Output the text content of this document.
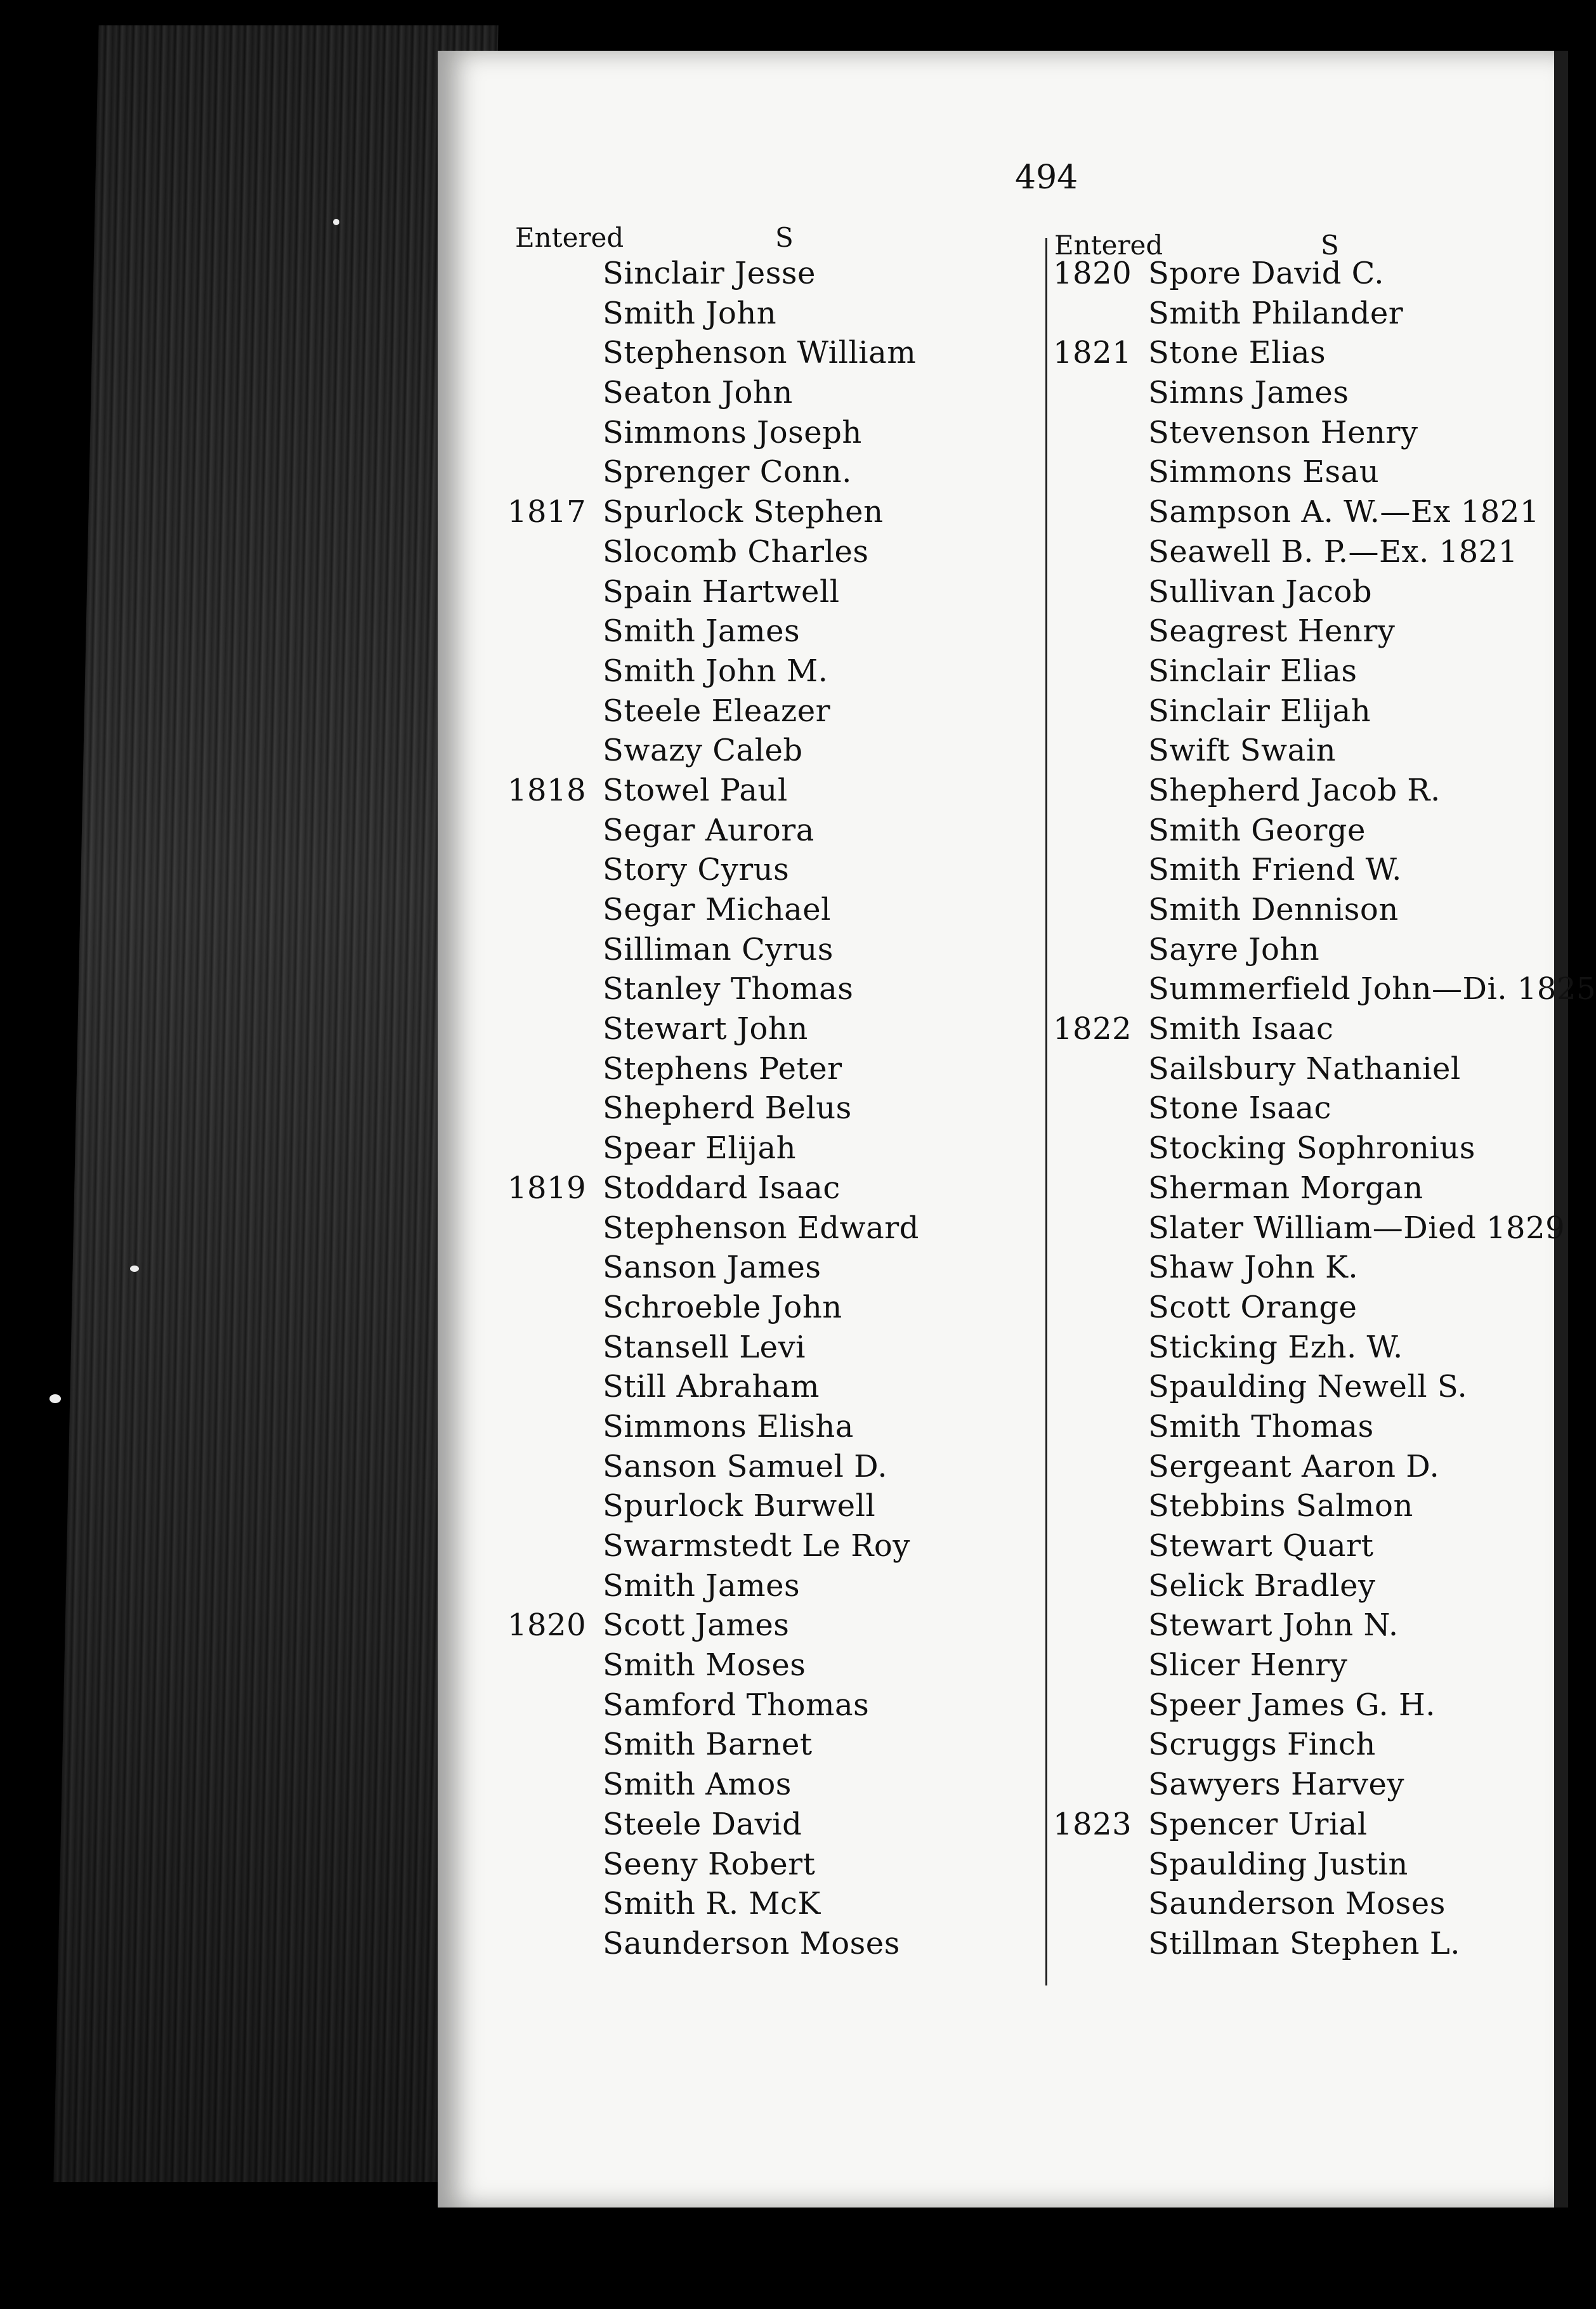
494
Entered	S	Entered	S
Sinclair Jesse
Smith John
Stephenson William
Seaton John
Simmons Joseph
Sprenger Conn.
1817 Spurlock Stephen
Slocomb Charles
Spain Hartwell
Smith James
Smith John M.
Steele Eleazer
Swazy Caleb
1818 Stowel Paul
Segar Aurora
Story Cyrus
Segar Michael
Silliman Cyrus
Stanley Thomas
Stewart John
Stephens Peter
Shepherd Belus
Spear Elijah
1819 Stoddard Isaac
Stephenson Edward
Sanson James
Schroeble John
Stansell Levi
Still Abraham
Simmons Elisha
Sanson Samuel D.
Spurlock Burwell
Swarmstedt Le Roy
Smith James
1820 Scott James
Smith Moses
Samford Thomas
Smith Barnet
Smith Amos
Steele David
Seeny Robert
Smith R. McK
Saunderson Moses
1820 Spore David C.
Smith Philander
1821 Stone Elias
Simns James
Stevenson Henry
Simmons Esau
Sampson A. W.—Ex 1821
Seawell B. P.—Ex. 1821
Sullivan Jacob
Seagrest Henry
Sinclair Elias
Sinclair Elijah
Swift Swain
Shepherd Jacob R.
Smith George
Smith Friend W.
Smith Dennison
Sayre John
Summerfield John—Di. 1825
1822 Smith Isaac
Sailsbury Nathaniel
Stone Isaac
Stocking Sophronius
Sherman Morgan
Slater William—Died 1829
Shaw John K.
Scott Orange
Sticking Ezh. W.
Spaulding Newell S.
Smith Thomas
Sergeant Aaron D.
Stebbins Salmon
Stewart Quart
Selick Bradley
Stewart John N.
Slicer Henry
Speer James G. H.
Scruggs Finch
Sawyers Harvey
1823 Spencer Urial
Spaulding Justin
Saunderson Moses
Stillman Stephen L.
